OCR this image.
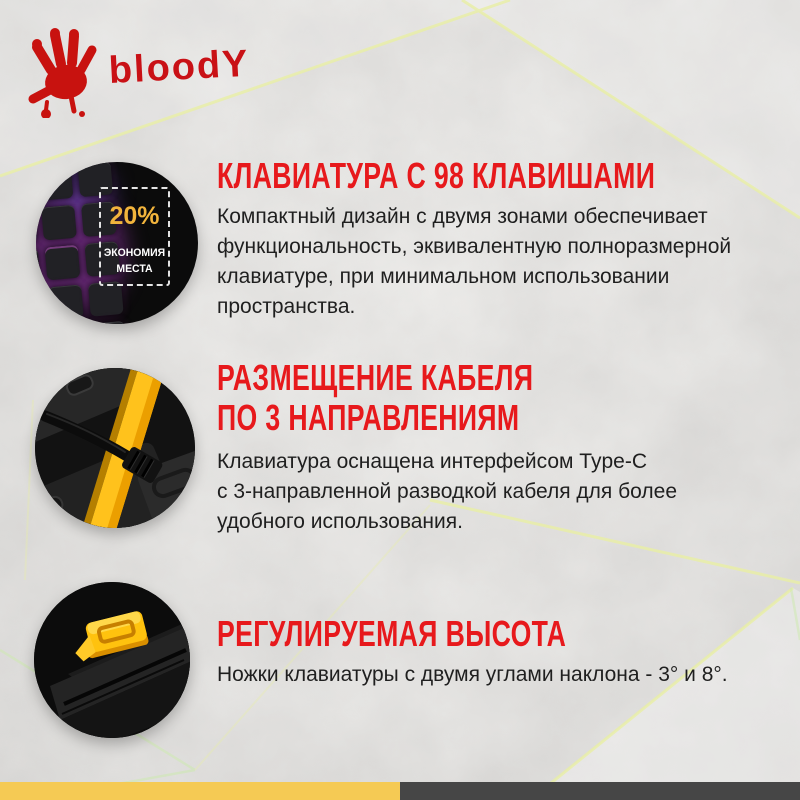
bloodY
20%
ЭКОНОМИЯ
МЕСТА
КЛАВИАТУРА С 98 КЛАВИШАМИ
Компактный дизайн с двумя зонами обеспечивает
функциональность, эквивалентную полноразмерной
клавиатуре, при минимальном использовании
пространства.
РАЗМЕЩЕНИЕ КАБЕЛЯ
ПО 3 НАПРАВЛЕНИЯМ
Клавиатура оснащена интерфейсом Type-C
с 3-направленной разводкой кабеля для более
удобного использования.
РЕГУЛИРУЕМАЯ ВЫСОТА
Ножки клавиатуры с двумя углами наклона - 3° и 8°.
